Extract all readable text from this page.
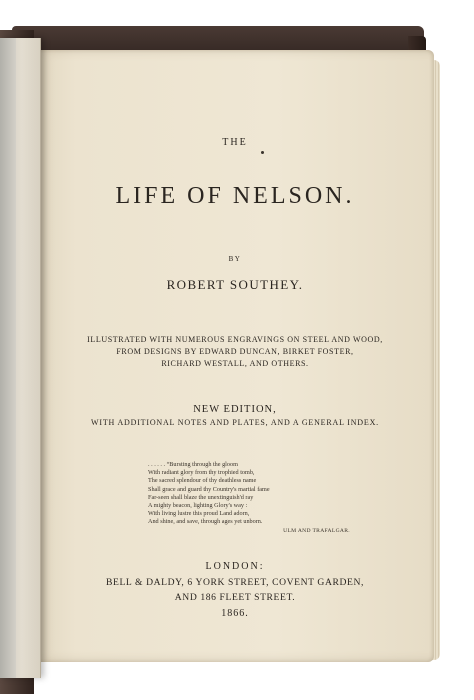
THE
LIFE OF NELSON.
BY
ROBERT SOUTHEY.
ILLUSTRATED WITH NUMEROUS ENGRAVINGS ON STEEL AND WOOD,
FROM DESIGNS BY EDWARD DUNCAN, BIRKET FOSTER,
RICHARD WESTALL, AND OTHERS.
NEW EDITION,
WITH ADDITIONAL NOTES AND PLATES, AND A GENERAL INDEX.
. . . . . . “Bursting through the gloom
With radiant glory from thy trophied tomb,
The sacred splendour of thy deathless name
Shall grace and guard thy Country's martial fame
Far-seen shall blaze the unextinguish'd ray
A mighty beacon, lighting Glory's way :
With living lustre this proud Land adorn,
And shine, and save, through ages yet unborn.
ULM AND TRAFALGAR.
LONDON:
BELL & DALDY, 6 YORK STREET, COVENT GARDEN,
AND 186 FLEET STREET.
1866.
